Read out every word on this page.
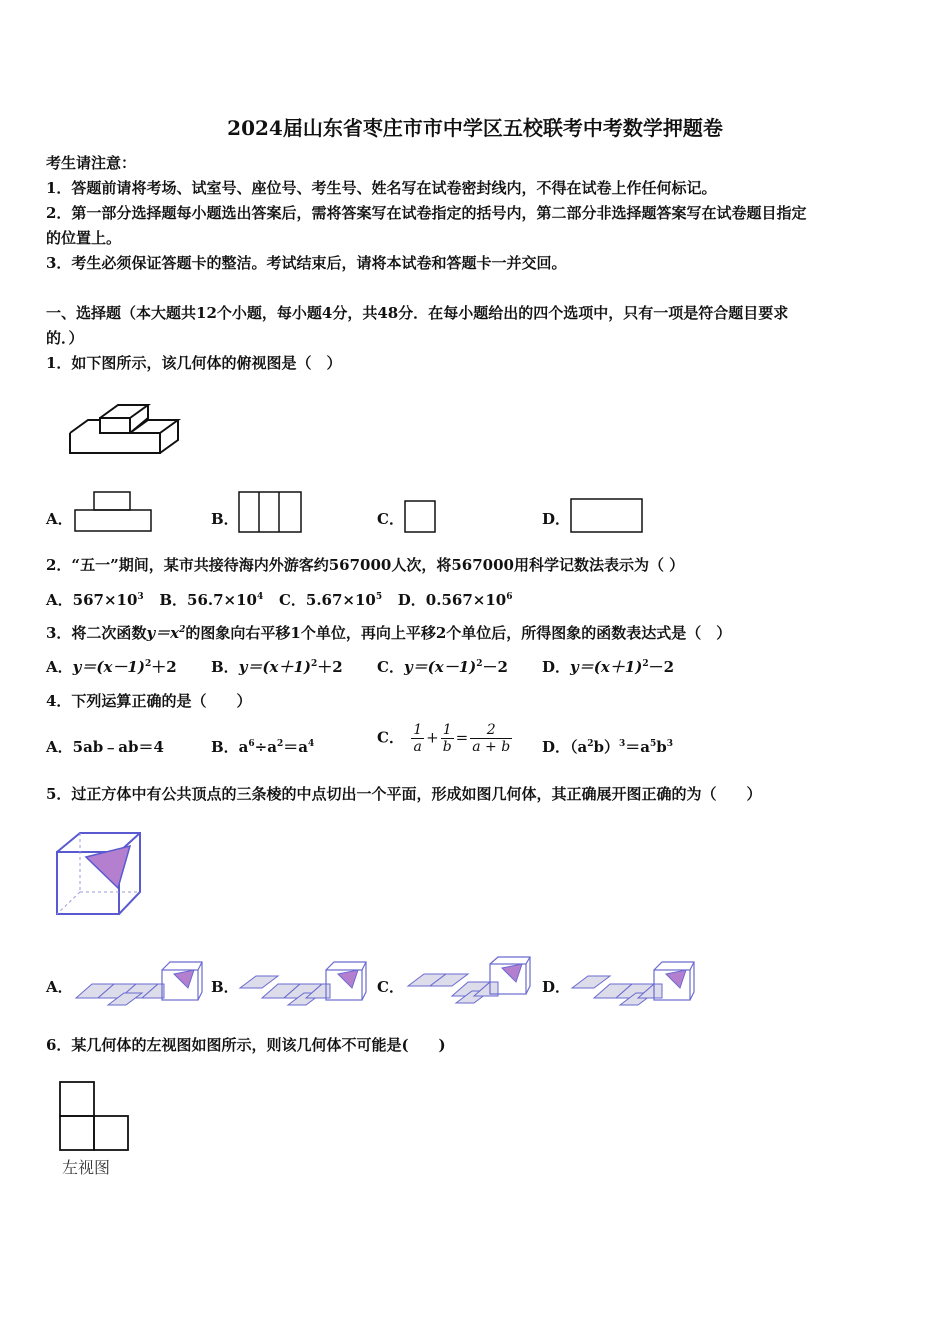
2024届山东省枣庄市市中学区五校联考中考数学押题卷
考生请注意：
1．答题前请将考场、试室号、座位号、考生号、姓名写在试卷密封线内，不得在试卷上作任何标记。
2．第一部分选择题每小题选出答案后，需将答案写在试卷指定的括号内，第二部分非选择题答案写在试卷题目指定
的位置上。
3．考生必须保证答题卡的整洁。考试结束后，请将本试卷和答题卡一并交回。
一、选择题（本大题共12个小题，每小题4分，共48分．在每小题给出的四个选项中，只有一项是符合题目要求
的．）
1．如下图所示，该几何体的俯视图是（　）
A．	B．	C．	D．
2．“五一”期间，某市共接待海内外游客约567000人次，将567000用科学记数法表示为（ ）
A．$567\times 10^3$ B．$56.7\times 10^4$ C．$5.67\times 10^5$ D．$0.567\times 10^6$
3．将二次函数$y=x^2$的图象向右平移1个单位，再向上平移2个单位后，所得图象的函数表达式是（　）
A．$y=(x-1)^2+2$ B．$y=(x+1)^2+2$ C．$y=(x-1)^2-2$ D．$y=(x+1)^2-2$
4．下列运算正确的是（　　）
A．5ab﹣ab＝4	B．$a^6\div a^2=a^4$	C． $\frac{1}{a} + \frac{1}{b} = \frac{2}{a + b}$ D．$(a^2b)^3=a^5b^3$
5．过正方体中有公共顶点的三条棱的中点切出一个平面，形成如图几何体，其正确展开图正确的为（　　）
A．	B．	C．	D．
6．某几何体的左视图如图所示，则该几何体不可能是(　　)
左视图
